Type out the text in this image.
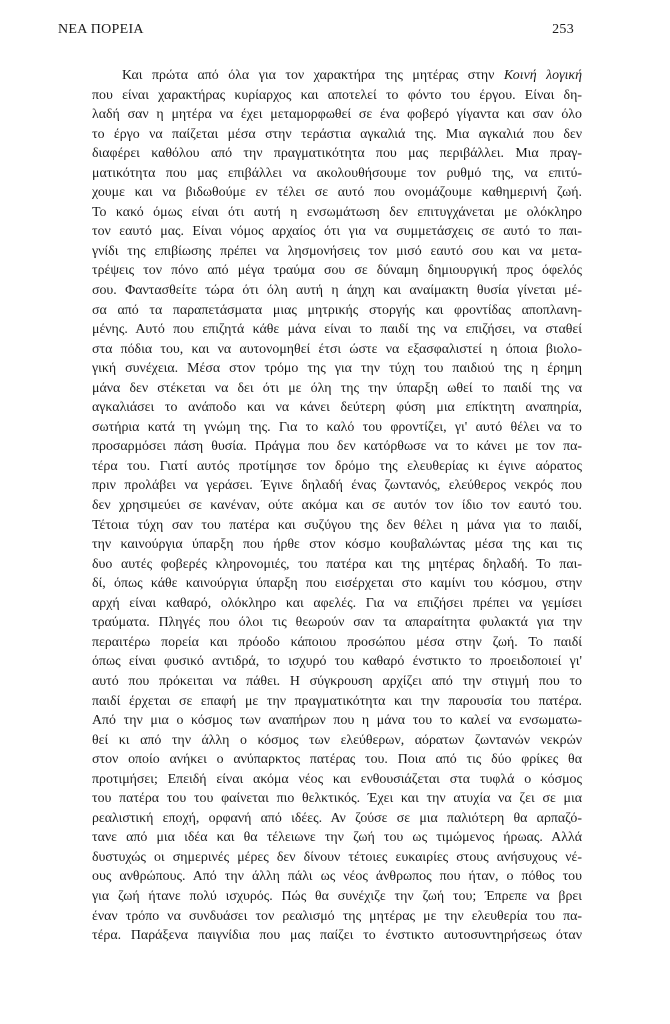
ΝΕΑ ΠΟΡΕΙΑ	253
Και πρώτα από όλα για τον χαρακτήρα της μητέρας στην Κοινή λογική
που είναι χαρακτήρας κυρίαρχος και αποτελεί το φόντο του έργου. Είναι δη-
λαδή σαν η μητέρα να έχει μεταμορφωθεί σε ένα φοβερό γίγαντα και σαν όλο
το έργο να παίζεται μέσα στην τεράστια αγκαλιά της. Μια αγκαλιά που δεν
διαφέρει καθόλου από την πραγματικότητα που μας περιβάλλει. Μια πραγ-
ματικότητα που μας επιβάλλει να ακολουθήσουμε τον ρυθμό της, να επιτύ-
χουμε και να βιδωθούμε εν τέλει σε αυτό που ονομάζουμε καθημερινή ζωή.
Το κακό όμως είναι ότι αυτή η ενσωμάτωση δεν επιτυγχάνεται με ολόκληρο
τον εαυτό μας. Είναι νόμος αρχαίος ότι για να συμμετάσχεις σε αυτό το παι-
γνίδι της επιβίωσης πρέπει να λησμονήσεις τον μισό εαυτό σου και να μετα-
τρέψεις τον πόνο από μέγα τραύμα σου σε δύναμη δημιουργική προς όφελός
σου. Φαντασθείτε τώρα ότι όλη αυτή η άηχη και αναίμακτη θυσία γίνεται μέ-
σα από τα παραπετάσματα μιας μητρικής στοργής και φροντίδας αποπλανη-
μένης. Αυτό που επιζητά κάθε μάνα είναι το παιδί της να επιζήσει, να σταθεί
στα πόδια του, και να αυτονομηθεί έτσι ώστε να εξασφαλιστεί η όποια βιολο-
γική συνέχεια. Μέσα στον τρόμο της για την τύχη του παιδιού της η έρημη
μάνα δεν στέκεται να δει ότι με όλη της την ύπαρξη ωθεί το παιδί της να
αγκαλιάσει το ανάποδο και να κάνει δεύτερη φύση μια επίκτητη αναπηρία,
σωτήρια κατά τη γνώμη της. Για το καλό του φροντίζει, γι' αυτό θέλει να το
προσαρμόσει πάση θυσία. Πράγμα που δεν κατόρθωσε να το κάνει με τον πα-
τέρα του. Γιατί αυτός προτίμησε τον δρόμο της ελευθερίας κι έγινε αόρατος
πριν προλάβει να γεράσει. Έγινε δηλαδή ένας ζωντανός, ελεύθερος νεκρός που
δεν χρησιμεύει σε κανέναν, ούτε ακόμα και σε αυτόν τον ίδιο τον εαυτό του.
Τέτοια τύχη σαν του πατέρα και συζύγου της δεν θέλει η μάνα για το παιδί,
την καινούργια ύπαρξη που ήρθε στον κόσμο κουβαλώντας μέσα της και τις
δυο αυτές φοβερές κληρονομιές, του πατέρα και της μητέρας δηλαδή. Το παι-
δί, όπως κάθε καινούργια ύπαρξη που εισέρχεται στο καμίνι του κόσμου, στην
αρχή είναι καθαρό, ολόκληρο και αφελές. Για να επιζήσει πρέπει να γεμίσει
τραύματα. Πληγές που όλοι τις θεωρούν σαν τα απαραίτητα φυλακτά για την
περαιτέρω πορεία και πρόοδο κάποιου προσώπου μέσα στην ζωή. Το παιδί
όπως είναι φυσικό αντιδρά, το ισχυρό του καθαρό ένστικτο το προειδοποιεί γι'
αυτό που πρόκειται να πάθει. Η σύγκρουση αρχίζει από την στιγμή που το
παιδί έρχεται σε επαφή με την πραγματικότητα και την παρουσία του πατέρα.
Από την μια ο κόσμος των αναπήρων που η μάνα του το καλεί να ενσωματω-
θεί κι από την άλλη ο κόσμος των ελεύθερων, αόρατων ζωντανών νεκρών
στον οποίο ανήκει ο ανύπαρκτος πατέρας του. Ποια από τις δύο φρίκες θα
προτιμήσει; Επειδή είναι ακόμα νέος και ενθουσιάζεται στα τυφλά ο κόσμος
του πατέρα του του φαίνεται πιο θελκτικός. Έχει και την ατυχία να ζει σε μια
ρεαλιστική εποχή, ορφανή από ιδέες. Αν ζούσε σε μια παλιότερη θα αρπαζό-
τανε από μια ιδέα και θα τέλειωνε την ζωή του ως τιμώμενος ήρωας. Αλλά
δυστυχώς οι σημερινές μέρες δεν δίνουν τέτοιες ευκαιρίες στους ανήσυχους νέ-
ους ανθρώπους. Από την άλλη πάλι ως νέος άνθρωπος που ήταν, ο πόθος του
για ζωή ήτανε πολύ ισχυρός. Πώς θα συνέχιζε την ζωή του; Έπρεπε να βρει
έναν τρόπο να συνδυάσει τον ρεαλισμό της μητέρας με την ελευθερία του πα-
τέρα. Παράξενα παιγνίδια που μας παίζει το ένστικτο αυτοσυντηρήσεως όταν
